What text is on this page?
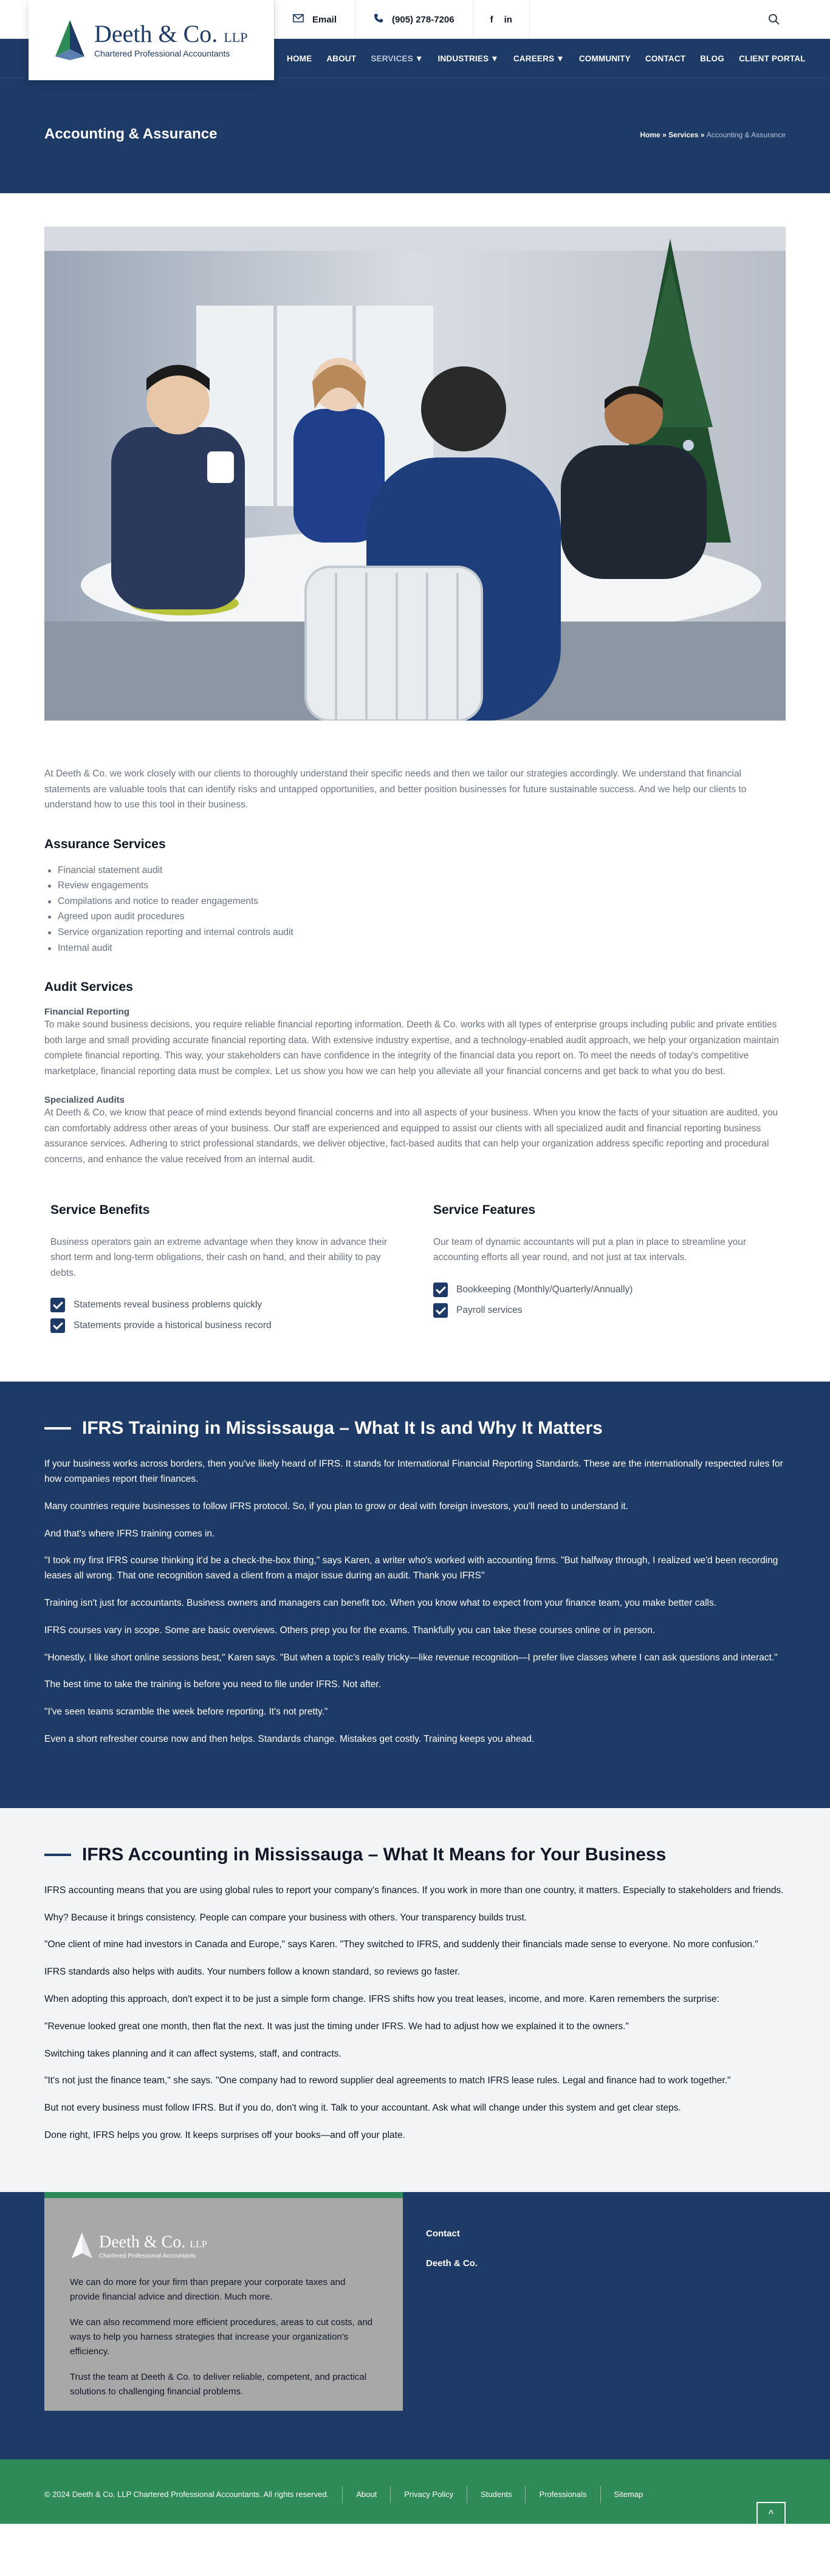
Deeth & Co. LLP
Chartered Professional Accountants
Email	(905) 278-7206	f in
HOME ABOUT SERVICES ▼ INDUSTRIES ▼ CAREERS ▼ COMMUNITY CONTACT BLOG CLIENT PORTAL
Accounting & Assurance	Home » Services » Accounting & Assurance

At Deeth & Co. we work closely with our clients to thoroughly understand their specific needs and then we tailor our strategies accordingly. We understand that financial statements are valuable tools that can identify risks and untapped opportunities, and better position businesses for future sustainable success. And we help our clients to understand how to use this tool in their business.

Assurance Services
Financial statement audit
Review engagements
Compilations and notice to reader engagements
Agreed upon audit procedures
Service organization reporting and internal controls audit
Internal audit
Audit Services
Financial Reporting

To make sound business decisions, you require reliable financial reporting information. Deeth & Co. works with all types of enterprise groups including public and private entities both large and small providing accurate financial reporting data. With extensive industry expertise, and a technology-enabled audit approach, we help your organization maintain complete financial reporting. This way, your stakeholders can have confidence in the integrity of the financial data you report on. To meet the needs of today's competitive marketplace, financial reporting data must be complex. Let us show you how we can help you alleviate all your financial concerns and get back to what you do best.

Specialized Audits

At Deeth & Co, we know that peace of mind extends beyond financial concerns and into all aspects of your business. When you know the facts of your situation are audited, you can comfortably address other areas of your business. Our staff are experienced and equipped to assist our clients with all specialized audit and financial reporting business assurance services. Adhering to strict professional standards, we deliver objective, fact-based audits that can help your organization address specific reporting and procedural concerns, and enhance the value received from an internal audit.

Service Benefits

Business operators gain an extreme advantage when they know in advance their short term and long-term obligations, their cash on hand, and their ability to pay debts.

Statements reveal business problems quickly
Statements provide a historical business record
Service Features

Our team of dynamic accountants will put a plan in place to streamline your accounting efforts all year round, and not just at tax intervals.

Bookkeeping (Monthly/Quarterly/Annually)
Payroll services
IFRS Training in Mississauga – What It Is and Why It Matters

If your business works across borders, then you've likely heard of IFRS. It stands for International Financial Reporting Standards. These are the internationally respected rules for how companies report their finances.

Many countries require businesses to follow IFRS protocol. So, if you plan to grow or deal with foreign investors, you'll need to understand it.

And that's where IFRS training comes in.

"I took my first IFRS course thinking it'd be a check-the-box thing," says Karen, a writer who's worked with accounting firms. "But halfway through, I realized we'd been recording leases all wrong. That one recognition saved a client from a major issue during an audit. Thank you IFRS"

Training isn't just for accountants. Business owners and managers can benefit too. When you know what to expect from your finance team, you make better calls.

IFRS courses vary in scope. Some are basic overviews. Others prep you for the exams. Thankfully you can take these courses online or in person.

"Honestly, I like short online sessions best," Karen says. "But when a topic's really tricky—like revenue recognition—I prefer live classes where I can ask questions and interact."

The best time to take the training is before you need to file under IFRS. Not after.

"I've seen teams scramble the week before reporting. It's not pretty."

Even a short refresher course now and then helps. Standards change. Mistakes get costly. Training keeps you ahead.

IFRS Accounting in Mississauga – What It Means for Your Business

IFRS accounting means that you are using global rules to report your company's finances. If you work in more than one country, it matters. Especially to stakeholders and friends.

Why? Because it brings consistency. People can compare your business with others. Your transparency builds trust.

"One client of mine had investors in Canada and Europe," says Karen. "They switched to IFRS, and suddenly their financials made sense to everyone. No more confusion."

IFRS standards also helps with audits. Your numbers follow a known standard, so reviews go faster.

When adopting this approach, don't expect it to be just a simple form change. IFRS shifts how you treat leases, income, and more. Karen remembers the surprise:

"Revenue looked great one month, then flat the next. It was just the timing under IFRS. We had to adjust how we explained it to the owners."

Switching takes planning and it can affect systems, staff, and contracts.

"It's not just the finance team," she says. "One company had to reword supplier deal agreements to match IFRS lease rules. Legal and finance had to work together."

But not every business must follow IFRS. But if you do, don't wing it. Talk to your accountant. Ask what will change under this system and get clear steps.

Done right, IFRS helps you grow. It keeps surprises off your books—and off your plate.

Deeth & Co. LLP
Chartered Professional Accountants

We can do more for your firm than prepare your corporate taxes and provide financial advice and direction. Much more.

We can also recommend more efficient procedures, areas to cut costs, and ways to help you harness strategies that increase your organization's efficiency.

Trust the team at Deeth & Co. to deliver reliable, competent, and practical solutions to challenging financial problems.

Contact
Deeth & Co.
© 2024 Deeth & Co. LLP Chartered Professional Accountants. All rights reserved.	About	Privacy Policy	Students	Professionals	Sitemap
^
